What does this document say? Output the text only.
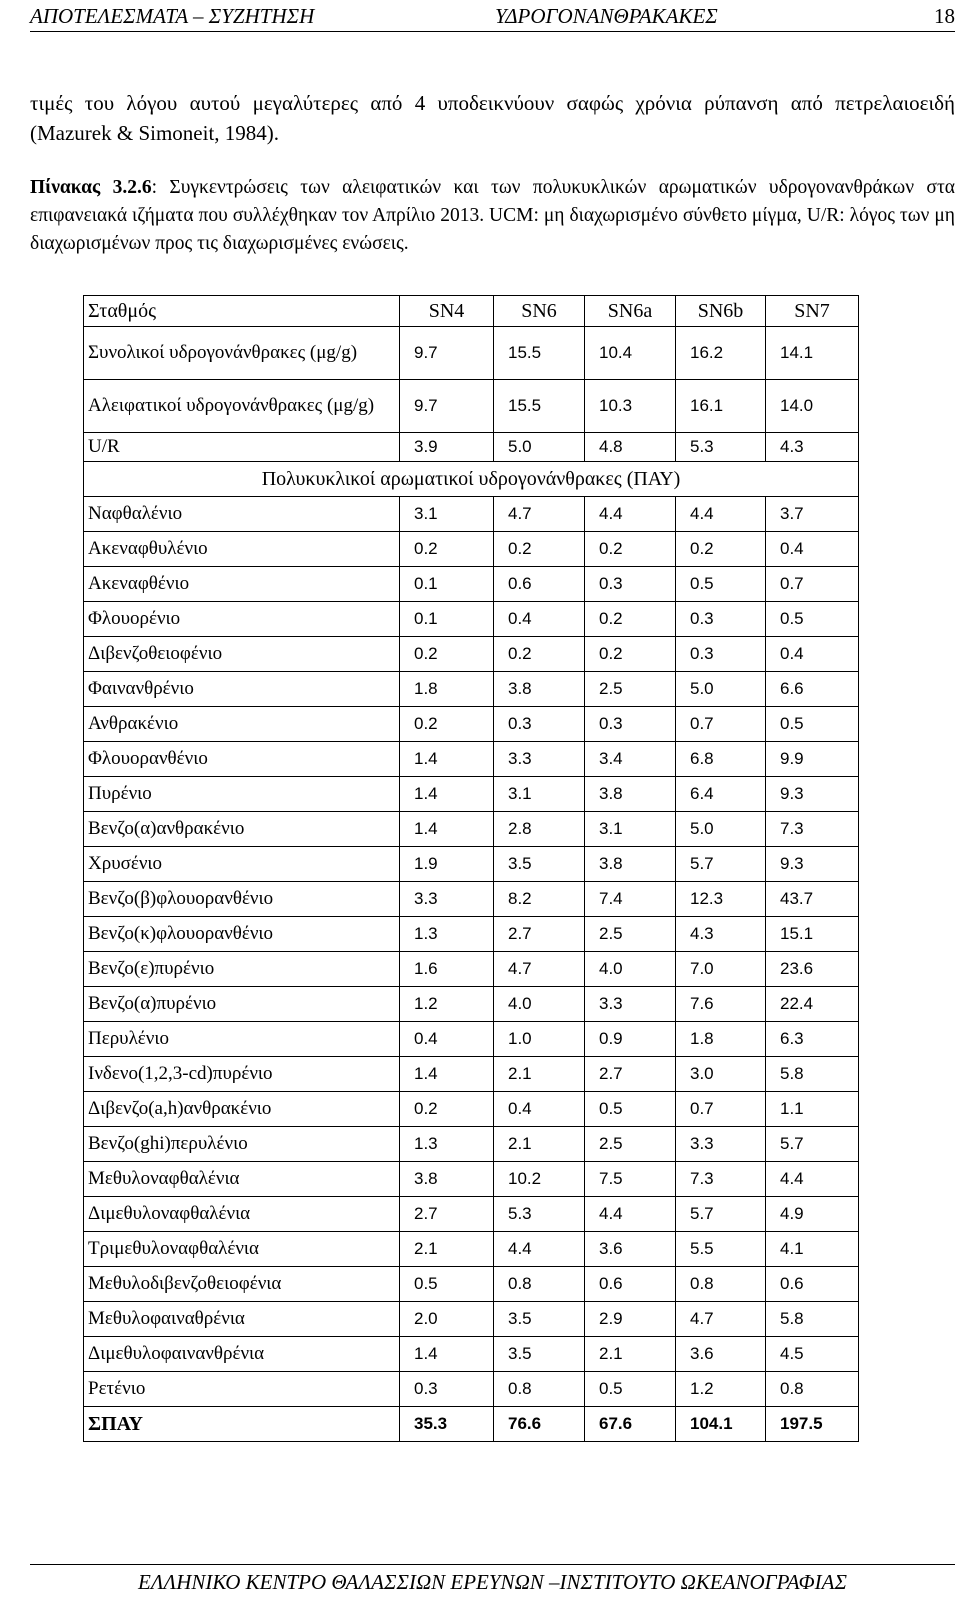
ΑΠΟΤΕΛΕΣΜΑΤΑ – ΣΥΖΗΤΗΣΗ	ΥΔΡΟΓΟΝΑΝΘΡΑΚΑΚΕΣ	18
τιμές του λόγου αυτού μεγαλύτερες από 4 υποδεικνύουν σαφώς χρόνια ρύπανση από πετρελαιοειδή (Mazurek & Simoneit, 1984).
Πίνακας 3.2.6: Συγκεντρώσεις των αλειφατικών και των πολυκυκλικών αρωματικών υδρογονανθράκων στα επιφανειακά ιζήματα που συλλέχθηκαν τον Απρίλιο 2013. UCM: μη διαχωρισμένο σύνθετο μίγμα, U/R: λόγος των μη διαχωρισμένων προς τις διαχωρισμένες ενώσεις.
Σταθμός	SN4	SN6	SN6a	SN6b	SN7
Συνολικοί υδρογονάνθρακες (μg/g)	9.7	15.5	10.4	16.2	14.1
Αλειφατικοί υδρογονάνθρακες (μg/g)	9.7	15.5	10.3	16.1	14.0
U/R	3.9	5.0	4.8	5.3	4.3
Πολυκυκλικοί αρωματικοί υδρογονάνθρακες (ΠΑΥ)					
Ναφθαλένιο	3.1	4.7	4.4	4.4	3.7
Ακεναφθυλένιο	0.2	0.2	0.2	0.2	0.4
Ακεναφθένιο	0.1	0.6	0.3	0.5	0.7
Φλουορένιο	0.1	0.4	0.2	0.3	0.5
Διβενζοθειοφένιο	0.2	0.2	0.2	0.3	0.4
Φαινανθρένιο	1.8	3.8	2.5	5.0	6.6
Ανθρακένιο	0.2	0.3	0.3	0.7	0.5
Φλουορανθένιο	1.4	3.3	3.4	6.8	9.9
Πυρένιο	1.4	3.1	3.8	6.4	9.3
Βενζο(α)ανθρακένιο	1.4	2.8	3.1	5.0	7.3
Χρυσένιο	1.9	3.5	3.8	5.7	9.3
Βενζο(β)φλουορανθένιο	3.3	8.2	7.4	12.3	43.7
Βενζο(κ)φλουορανθένιο	1.3	2.7	2.5	4.3	15.1
Βενζο(ε)πυρένιο	1.6	4.7	4.0	7.0	23.6
Βενζο(α)πυρένιο	1.2	4.0	3.3	7.6	22.4
Περυλένιο	0.4	1.0	0.9	1.8	6.3
Ινδενο(1,2,3-cd)πυρένιο	1.4	2.1	2.7	3.0	5.8
Διβενζο(a,h)ανθρακένιο	0.2	0.4	0.5	0.7	1.1
Βενζο(ghi)περυλένιο	1.3	2.1	2.5	3.3	5.7
Μεθυλοναφθαλένια	3.8	10.2	7.5	7.3	4.4
Διμεθυλοναφθαλένια	2.7	5.3	4.4	5.7	4.9
Τριμεθυλοναφθαλένια	2.1	4.4	3.6	5.5	4.1
Μεθυλοδιβενζοθειοφένια	0.5	0.8	0.6	0.8	0.6
Μεθυλοφαιναθρένια	2.0	3.5	2.9	4.7	5.8
Διμεθυλοφαινανθρένια	1.4	3.5	2.1	3.6	4.5
Ρετένιο	0.3	0.8	0.5	1.2	0.8
ΣΠΑΥ	35.3	76.6	67.6	104.1	197.5
ΕΛΛΗΝΙΚΟ ΚΕΝΤΡΟ ΘΑΛΑΣΣΙΩΝ ΕΡΕΥΝΩΝ –ΙΝΣΤΙΤΟΥΤΟ ΩΚΕΑΝΟΓΡΑΦΙΑΣ
